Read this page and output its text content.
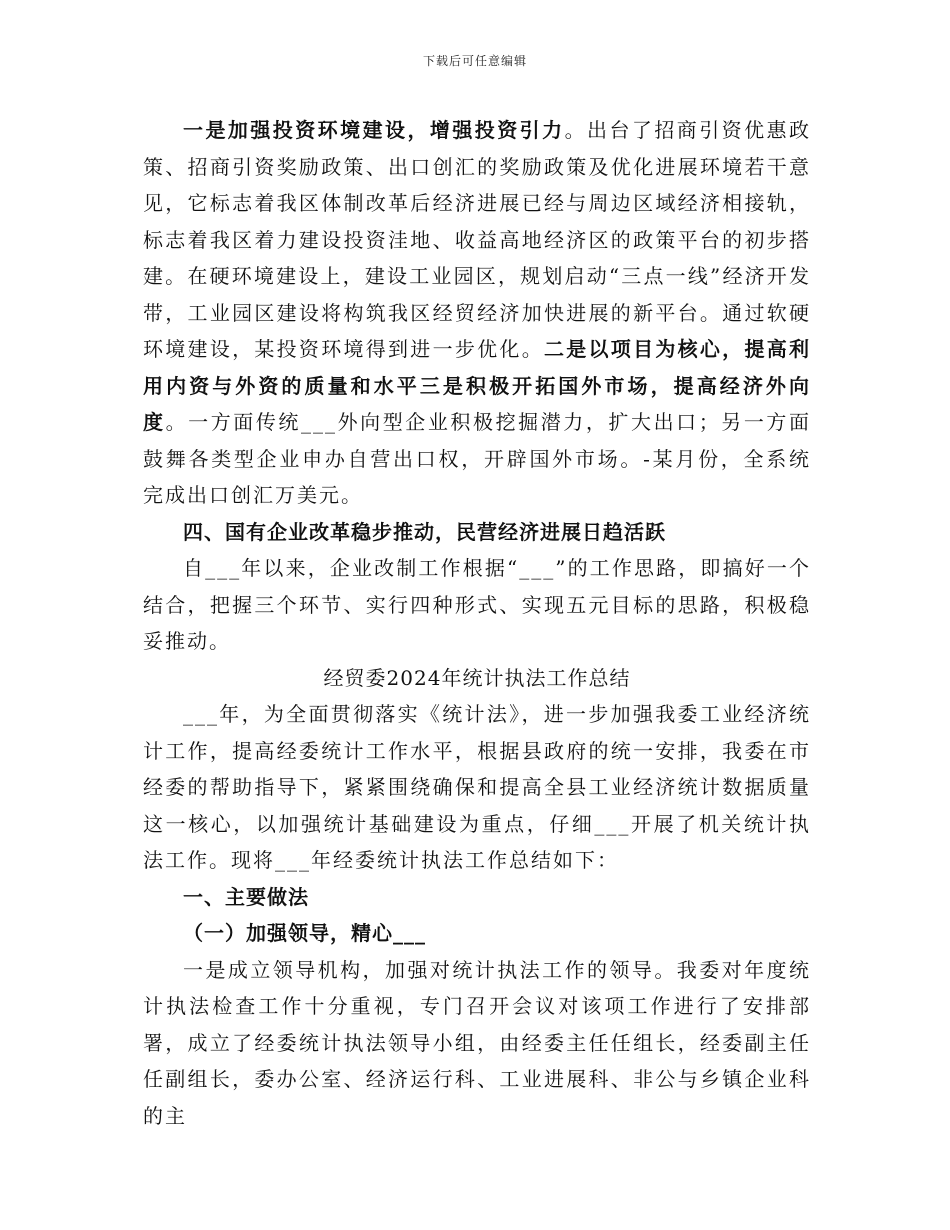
下载后可任意编辑

一是加强投资环境建设，增强投资引力。出台了招商引资优惠政策、招商引资奖励政策、出口创汇的奖励政策及优化进展环境若干意见，它标志着我区体制改革后经济进展已经与周边区域经济相接轨，标志着我区着力建设投资洼地、收益高地经济区的政策平台的初步搭建。在硬环境建设上，建设工业园区，规划启动“三点一线”经济开发带，工业园区建设将构筑我区经贸经济加快进展的新平台。通过软硬环境建设，某投资环境得到进一步优化。二是以项目为核心，提高利用内资与外资的质量和水平三是积极开拓国外市场，提高经济外向度。一方面传统___外向型企业积极挖掘潜力，扩大出口；另一方面鼓舞各类型企业申办自营出口权，开辟国外市场。-某月份，全系统完成出口创汇万美元。

四、国有企业改革稳步推动，民营经济进展日趋活跃

自___年以来，企业改制工作根据“___”的工作思路，即搞好一个结合，把握三个环节、实行四种形式、实现五元目标的思路，积极稳妥推动。

经贸委2024年统计执法工作总结

___年，为全面贯彻落实《统计法》，进一步加强我委工业经济统计工作，提高经委统计工作水平，根据县政府的统一安排，我委在市经委的帮助指导下，紧紧围绕确保和提高全县工业经济统计数据质量这一核心，以加强统计基础建设为重点，仔细___开展了机关统计执法工作。现将___年经委统计执法工作总结如下：

一、主要做法

（一）加强领导，精心___

一是成立领导机构，加强对统计执法工作的领导。我委对年度统计执法检查工作十分重视，专门召开会议对该项工作进行了安排部署，成立了经委统计执法领导小组，由经委主任任组长，经委副主任任副组长，委办公室、经济运行科、工业进展科、非公与乡镇企业科的主
